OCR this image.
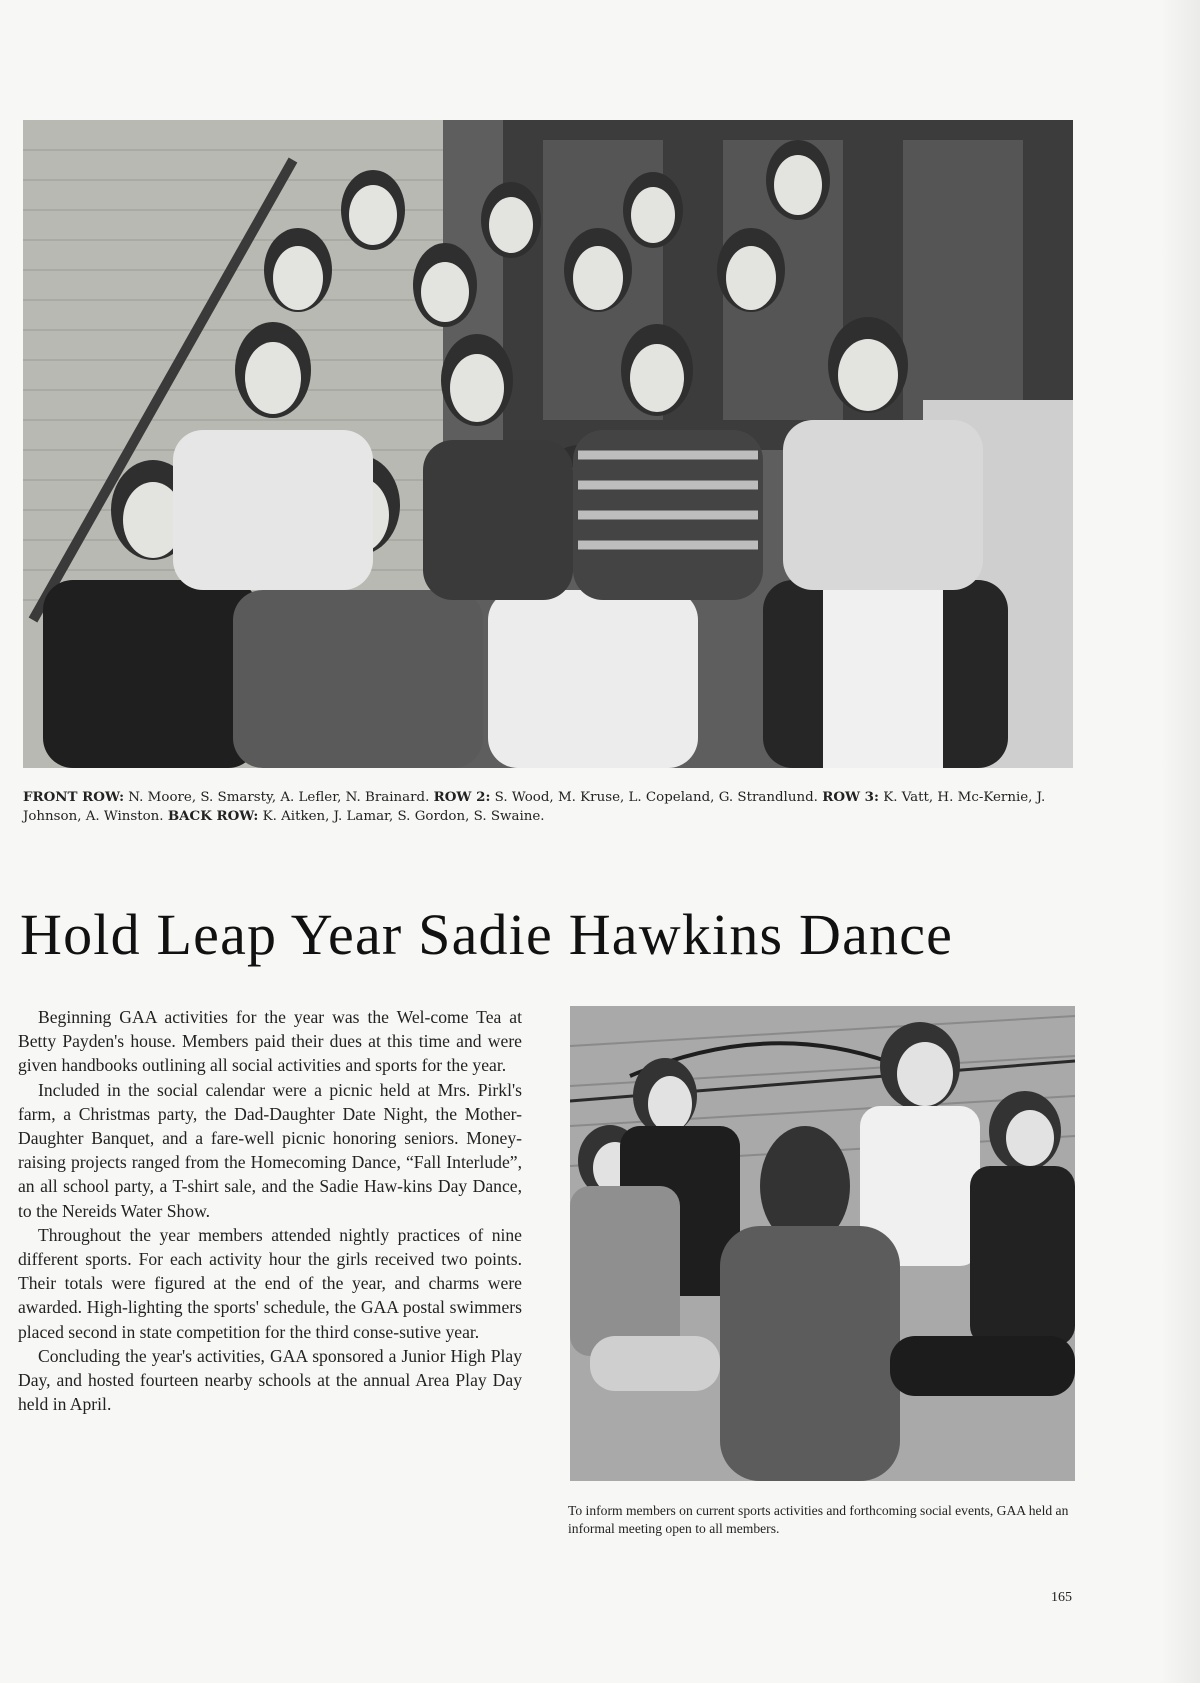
FRONT ROW: N. Moore, S. Smarsty, A. Lefler, N. Brainard. ROW 2: S. Wood, M. Kruse, L. Copeland, G. Strandlund. ROW 3: K. Vatt, H. Mc-Kernie, J. Johnson, A. Winston. BACK ROW: K. Aitken, J. Lamar, S. Gordon, S. Swaine.
Hold Leap Year Sadie Hawkins Dance

Beginning GAA activities for the year was the Wel-come Tea at Betty Payden's house. Members paid their dues at this time and were given handbooks outlining all social activities and sports for the year.

Included in the social calendar were a picnic held at Mrs. Pirkl's farm, a Christmas party, the Dad-Daughter Date Night, the Mother-Daughter Banquet, and a fare-well picnic honoring seniors. Money-raising projects ranged from the Homecoming Dance, “Fall Interlude”, an all school party, a T-shirt sale, and the Sadie Haw-kins Day Dance, to the Nereids Water Show.

Throughout the year members attended nightly practices of nine different sports. For each activity hour the girls received two points. Their totals were figured at the end of the year, and charms were awarded. High-lighting the sports' schedule, the GAA postal swimmers placed second in state competition for the third conse-sutive year.

Concluding the year's activities, GAA sponsored a Junior High Play Day, and hosted fourteen nearby schools at the annual Area Play Day held in April.

To inform members on current sports activities and forthcoming social events, GAA held an informal meeting open to all members.
165
